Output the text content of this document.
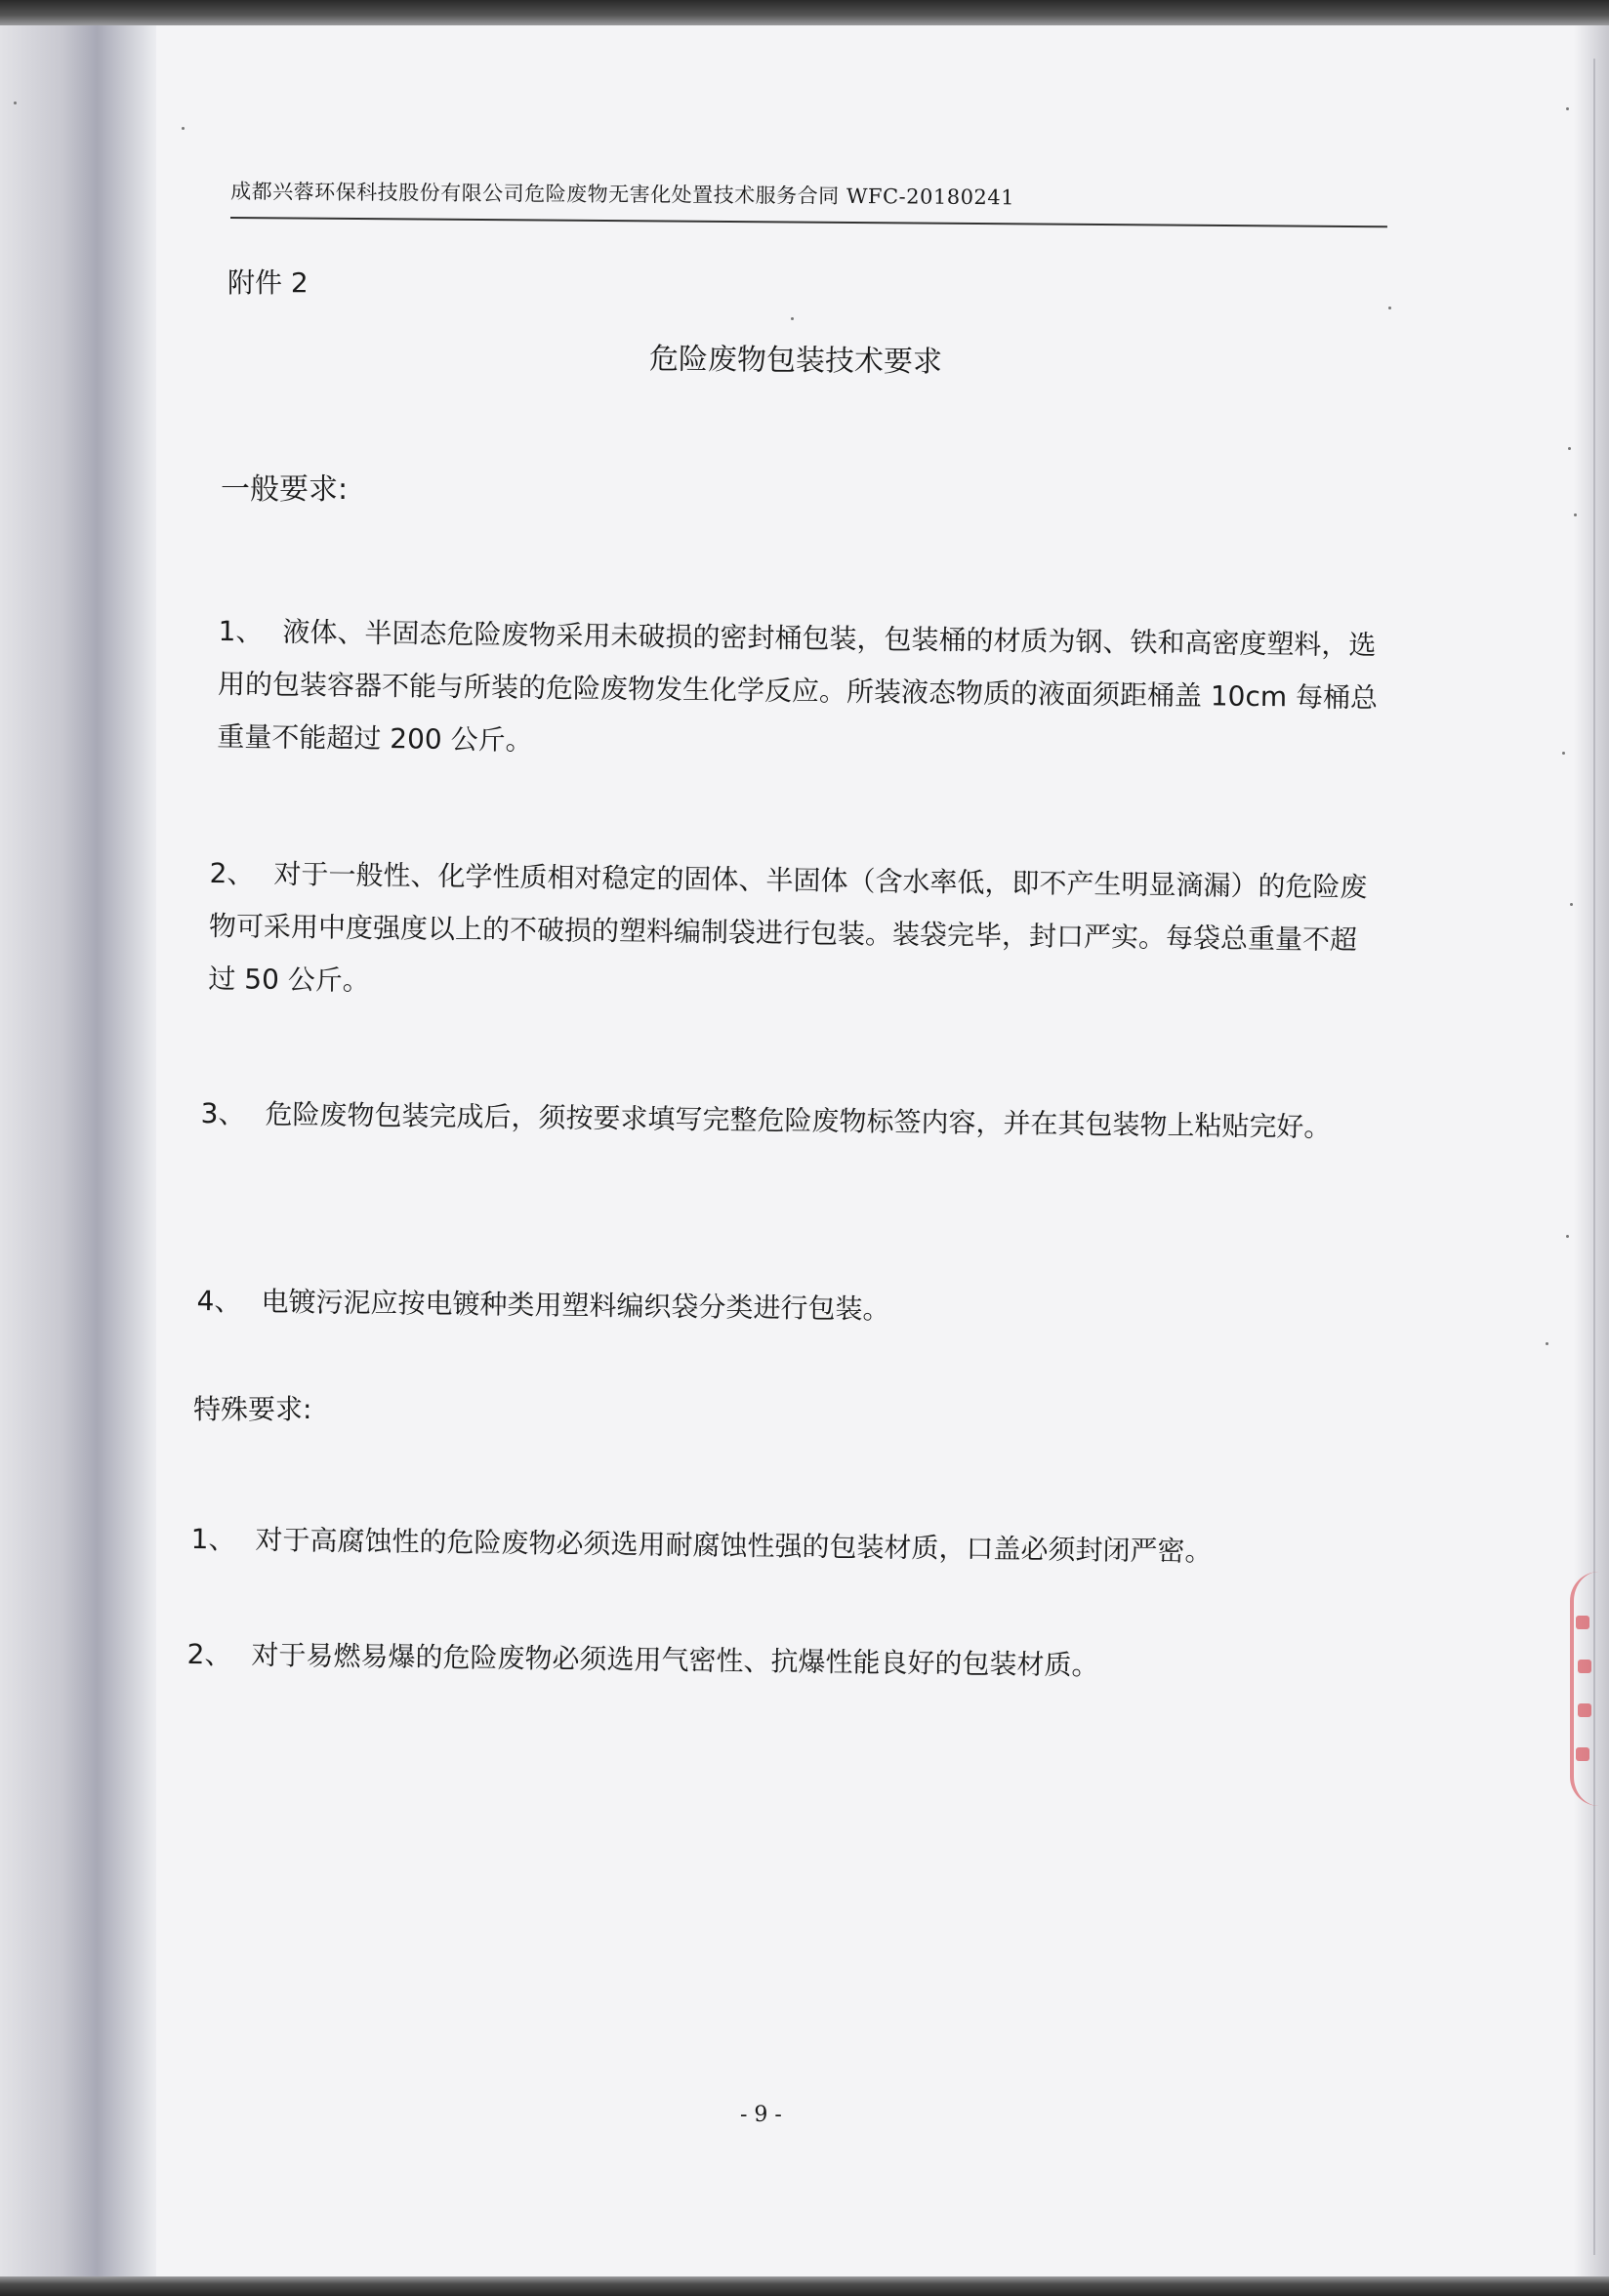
成都兴蓉环保科技股份有限公司危险废物无害化处置技术服务合同 WFC-20180241
附件 2
危险废物包装技术要求
一般要求:
1、 液体、半固态危险废物采用未破损的密封桶包装，包装桶的材质为钢、铁和高密度塑料，选用的包装容器不能与所装的危险废物发生化学反应。所装液态物质的液面须距桶盖 10cm 每桶总重量不能超过 200 公斤。
2、 对于一般性、化学性质相对稳定的固体、半固体（含水率低，即不产生明显滴漏）的危险废物可采用中度强度以上的不破损的塑料编制袋进行包装。装袋完毕，封口严实。每袋总重量不超过 50 公斤。
3、 危险废物包装完成后，须按要求填写完整危险废物标签内容，并在其包装物上粘贴完好。
4、 电镀污泥应按电镀种类用塑料编织袋分类进行包装。
特殊要求:
1、 对于高腐蚀性的危险废物必须选用耐腐蚀性强的包装材质，口盖必须封闭严密。
2、 对于易燃易爆的危险废物必须选用气密性、抗爆性能良好的包装材质。
- 9 -
